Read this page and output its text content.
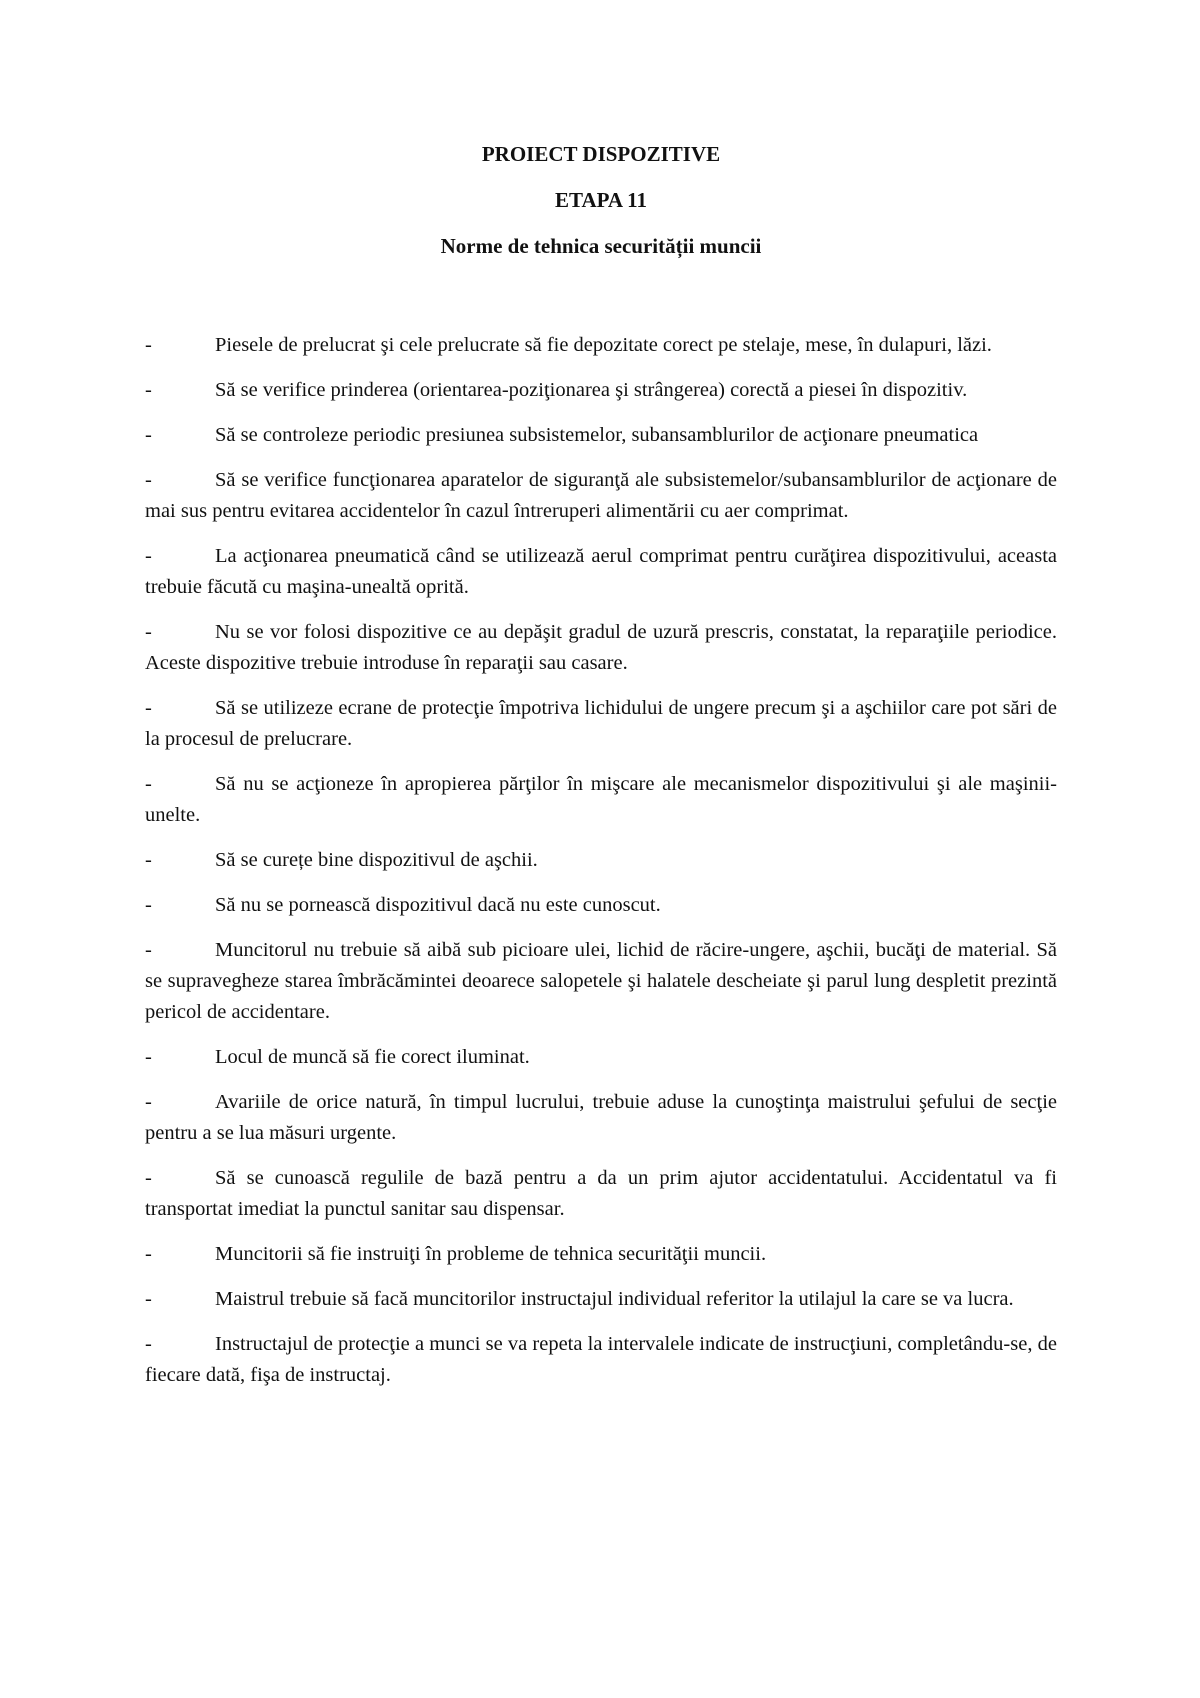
PROIECT DISPOZITIVE
ETAPA 11
Norme de tehnica securității muncii
-	Piesele de prelucrat şi cele prelucrate să fie depozitate corect pe stelaje, mese, în dulapuri, lăzi.
-	Să se verifice prinderea (orientarea-poziţionarea şi strângerea) corectă a piesei în dispozitiv.
-	Să se controleze periodic presiunea subsistemelor, subansamblurilor de acţionare pneumatica
-	Să se verifice funcţionarea aparatelor de siguranţă ale subsistemelor/subansamblurilor de acţionare de mai sus pentru evitarea accidentelor în cazul întreruperi alimentării cu aer comprimat.
-	La acţionarea pneumatică când se utilizează aerul comprimat pentru curăţirea dispozitivului, aceasta trebuie făcută cu maşina-unealtă oprită.
-	Nu se vor folosi dispozitive ce au depăşit gradul de uzură prescris, constatat, la reparaţiile periodice. Aceste dispozitive trebuie introduse în reparaţii sau casare.
-	Să se utilizeze ecrane de protecţie împotriva lichidului de ungere precum şi a aşchiilor care pot sări de la procesul de prelucrare.
-	Să nu se acţioneze în apropierea părţilor în mişcare ale mecanismelor dispozitivului şi ale maşinii-unelte.
-	Să se curețe bine dispozitivul de aşchii.
-	Să nu se pornească dispozitivul dacă nu este cunoscut.
-	Muncitorul nu trebuie să aibă sub picioare ulei, lichid de răcire-ungere, aşchii, bucăţi de material. Să se supravegheze starea îmbrăcămintei deoarece salopetele şi halatele descheiate şi parul lung despletit prezintă pericol de accidentare.
-	Locul de muncă să fie corect iluminat.
-	Avariile de orice natură, în timpul lucrului, trebuie aduse la cunoştinţa maistrului şefului de secţie pentru a se lua măsuri urgente.
-	Să se cunoască regulile de bază pentru a da un prim ajutor accidentatului. Accidentatul va fi transportat imediat la punctul sanitar sau dispensar.
-	Muncitorii să fie instruiţi în probleme de tehnica securităţii muncii.
-	Maistrul trebuie să facă muncitorilor instructajul individual referitor la utilajul la care se va lucra.
-	Instructajul de protecţie a munci se va repeta la intervalele indicate de instrucţiuni, completându-se, de fiecare dată, fişa de instructaj.
